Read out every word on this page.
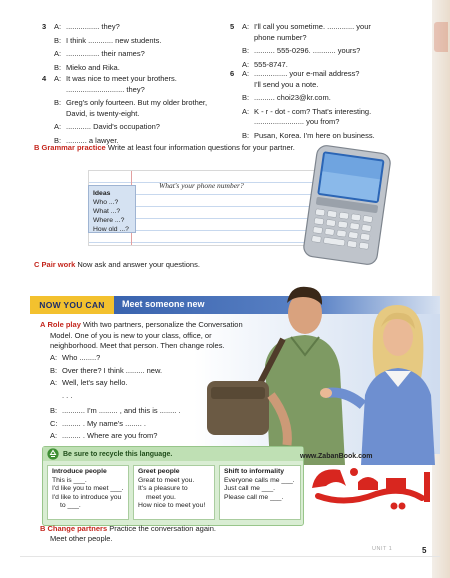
3 A: ................ they?
B: I think ............ new students.
A: ................ their names?
B: Mieko and Rika.
4 A: It was nice to meet your brothers.
............................ they?
B: Greg's only fourteen. But my older brother,
David, is twenty-eight.
A: ............ David's occupation?
B: .......... a lawyer.
5 A: I'll call you sometime. ............. your
phone number?
B: .......... 555-0296. ........... yours?
A: 555-8747.
6 A: ................ your e-mail address?
I'll send you a note.
B: .......... choi23@kr.com.
A: K - r - dot - com? That's interesting.
........................ you from?
B: Pusan, Korea. I'm here on business.
B Grammar practice Write at least four information questions for your partner.
What's your phone number?
Ideas
Who ...?
What ...?
Where ...?
How old ...?
C Pair work Now ask and answer your questions.
NOW YOU CAN	Meet someone new
A Role play With two partners, personalize the Conversation
Model. One of you is new to your class, office, or
neighborhood. Meet that person. Then change roles.
A: Who ........?
B: Over there? I think ......... new.
A: Well, let's say hello.
. . .
B: ........... I'm ......... , and this is ........ .
C: ......... . My name's ........ .
A: ......... . Where are you from?
Be sure to recycle this language.
Introduce people
This is ___.
I'd like you to meet ___.
I'd like to introduce you
to ___.
Greet people
Great to meet you.
It's a pleasure to
meet you.
How nice to meet you!
Shift to informality
Everyone calls me ___.
Just call me ___.
Please call me ___.
www.ZabanBook.com
B Change partners Practice the conversation again.
Meet other people.
UNIT 1	5
